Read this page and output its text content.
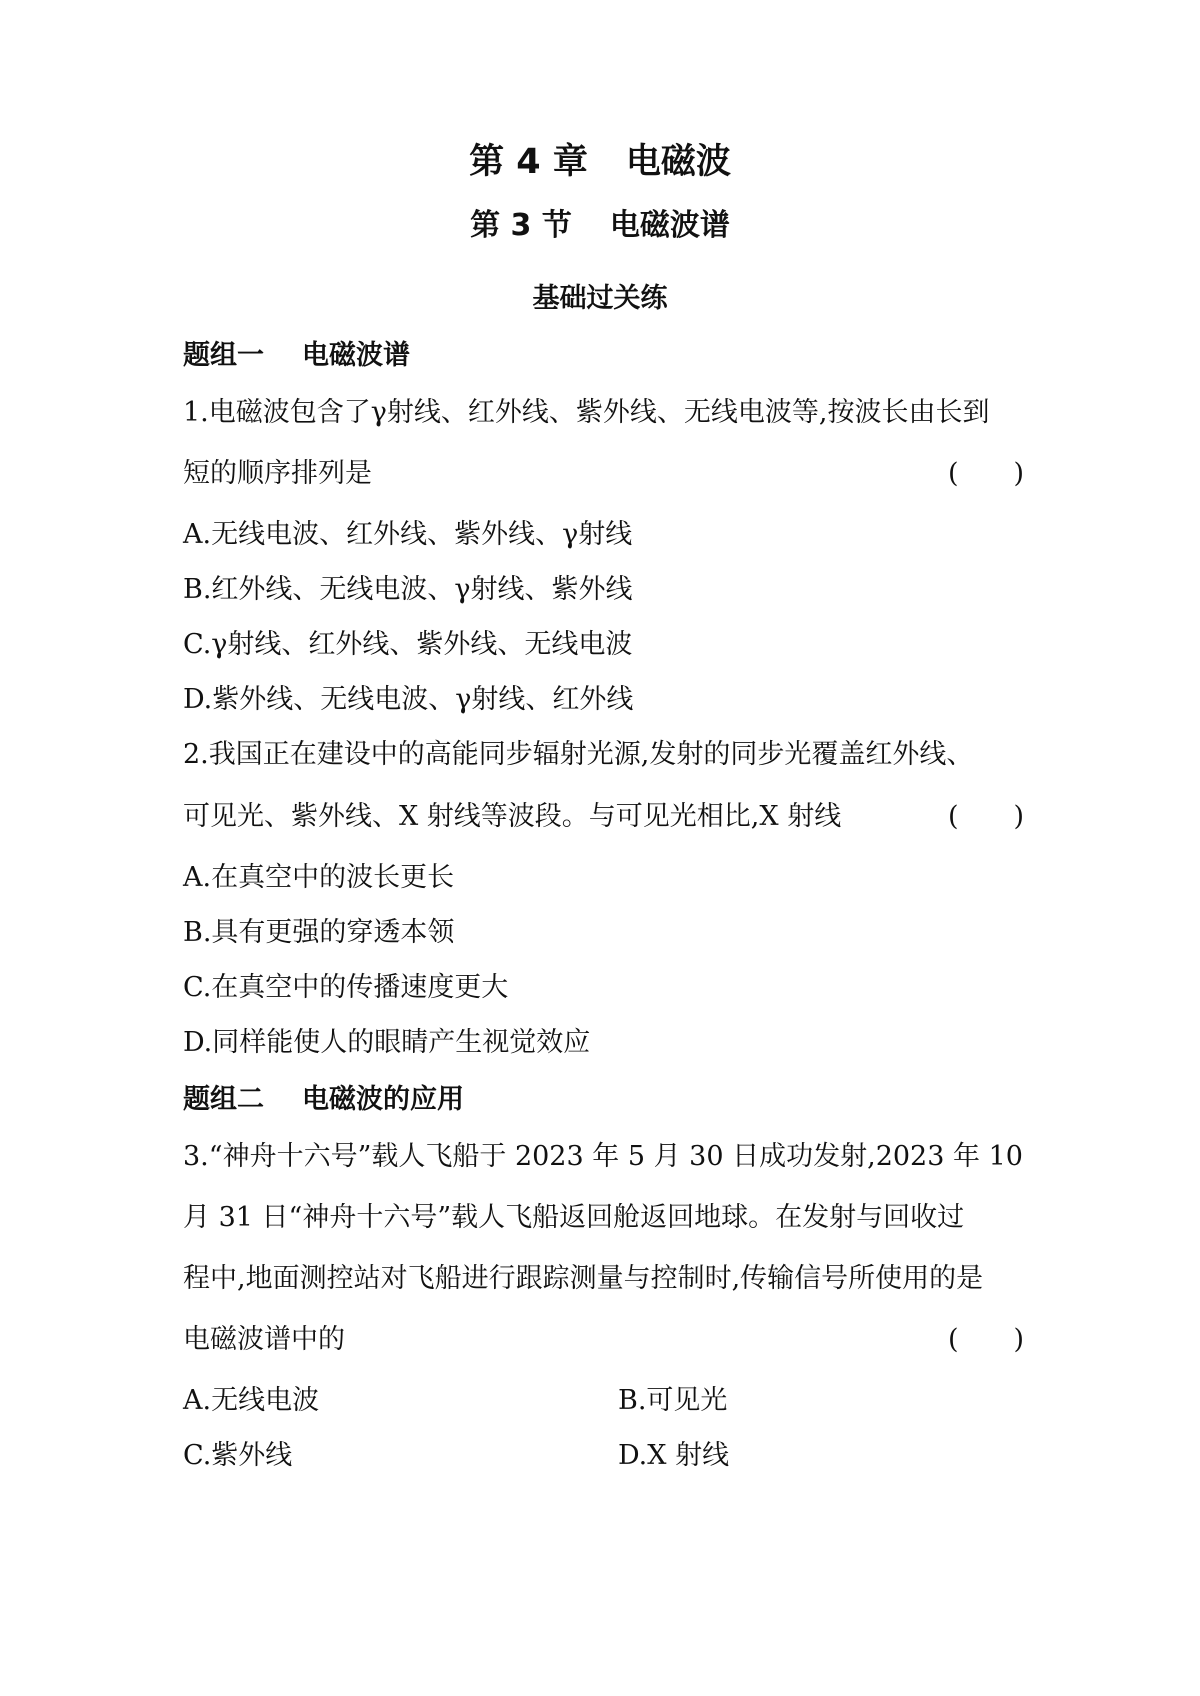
第 4 章 电磁波
第 3 节 电磁波谱
基础过关练
题组一 电磁波谱
1.电磁波包含了γ射线、红外线、紫外线、无线电波等,按波长由长到
短的顺序排列是	( )
A.无线电波、红外线、紫外线、γ射线
B.红外线、无线电波、γ射线、紫外线
C.γ射线、红外线、紫外线、无线电波
D.紫外线、无线电波、γ射线、红外线
2.我国正在建设中的高能同步辐射光源,发射的同步光覆盖红外线、
可见光、紫外线、X 射线等波段。与可见光相比,X 射线	( )
A.在真空中的波长更长
B.具有更强的穿透本领
C.在真空中的传播速度更大
D.同样能使人的眼睛产生视觉效应
题组二 电磁波的应用
3.“神舟十六号”载人飞船于 2023 年 5 月 30 日成功发射,2023 年 10
月 31 日“神舟十六号”载人飞船返回舱返回地球。在发射与回收过
程中,地面测控站对飞船进行跟踪测量与控制时,传输信号所使用的是
电磁波谱中的	( )
A.无线电波	B.可见光
C.紫外线	D.X 射线
